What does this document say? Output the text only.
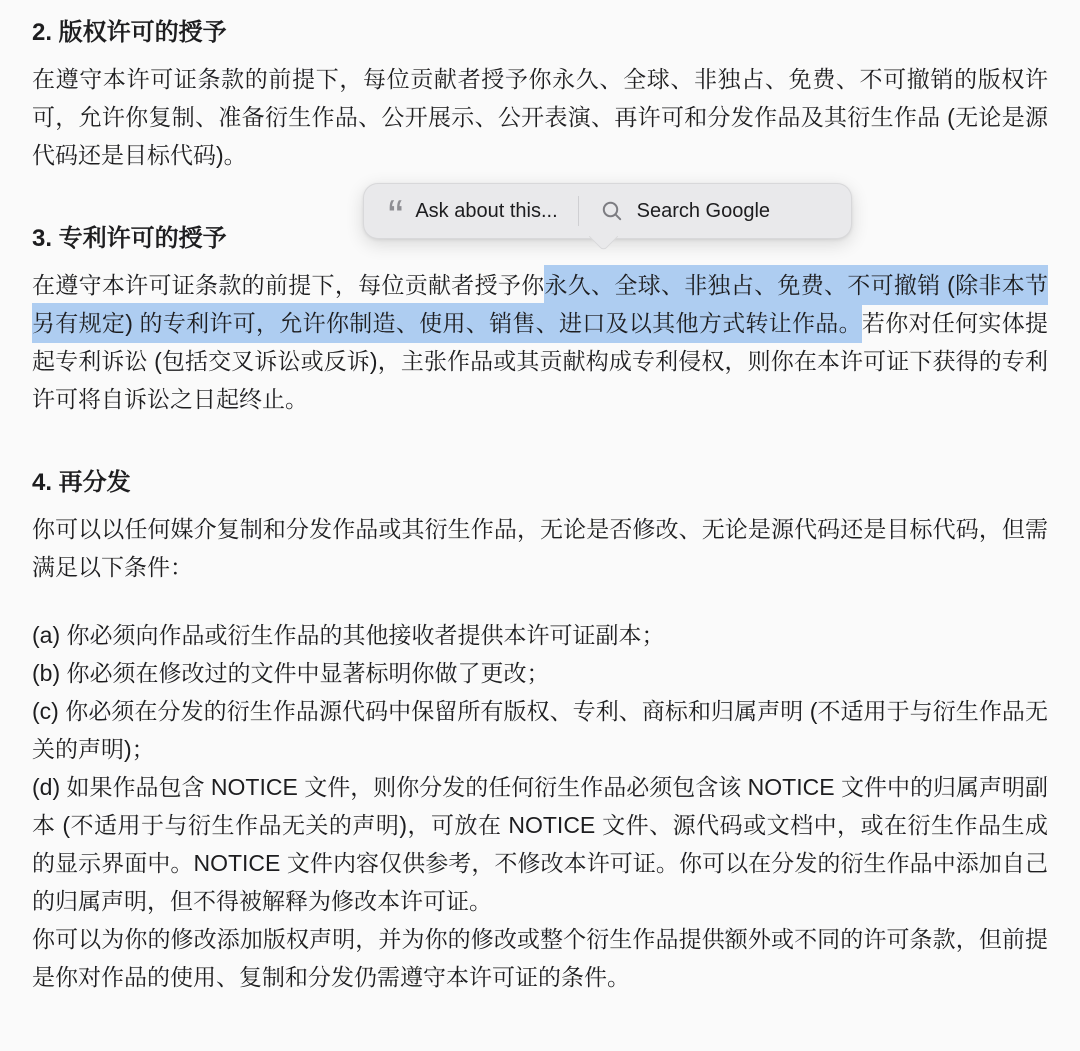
2. 版权许可的授予

在遵守本许可证条款的前提下，每位贡献者授予你永久、全球、非独占、免费、不可撤销的版权许可，允许你复制、准备衍生作品、公开展示、公开表演、再许可和分发作品及其衍生作品 (无论是源代码还是目标代码)。

3. 专利许可的授予

在遵守本许可证条款的前提下，每位贡献者授予你永久、全球、非独占、免费、不可撤销 (除非本节另有规定) 的专利许可，允许你制造、使用、销售、进口及以其他方式转让作品。若你对任何实体提起专利诉讼 (包括交叉诉讼或反诉)，主张作品或其贡献构成专利侵权，则你在本许可证下获得的专利许可将自诉讼之日起终止。

4. 再分发

你可以以任何媒介复制和分发作品或其衍生作品，无论是否修改、无论是源代码还是目标代码，但需满足以下条件：

(a) 你必须向作品或衍生作品的其他接收者提供本许可证副本；

(b) 你必须在修改过的文件中显著标明你做了更改；

(c) 你必须在分发的衍生作品源代码中保留所有版权、专利、商标和归属声明 (不适用于与衍生作品无关的声明)；

(d) 如果作品包含 NOTICE 文件，则你分发的任何衍生作品必须包含该 NOTICE 文件中的归属声明副本 (不适用于与衍生作品无关的声明)，可放在 NOTICE 文件、源代码或文档中，或在衍生作品生成的显示界面中。NOTICE 文件内容仅供参考，不修改本许可证。你可以在分发的衍生作品中添加自己的归属声明，但不得被解释为修改本许可证。

你可以为你的修改添加版权声明，并为你的修改或整个衍生作品提供额外或不同的许可条款，但前提是你对作品的使用、复制和分发仍需遵守本许可证的条件。

“ Ask about this...	Search Google
